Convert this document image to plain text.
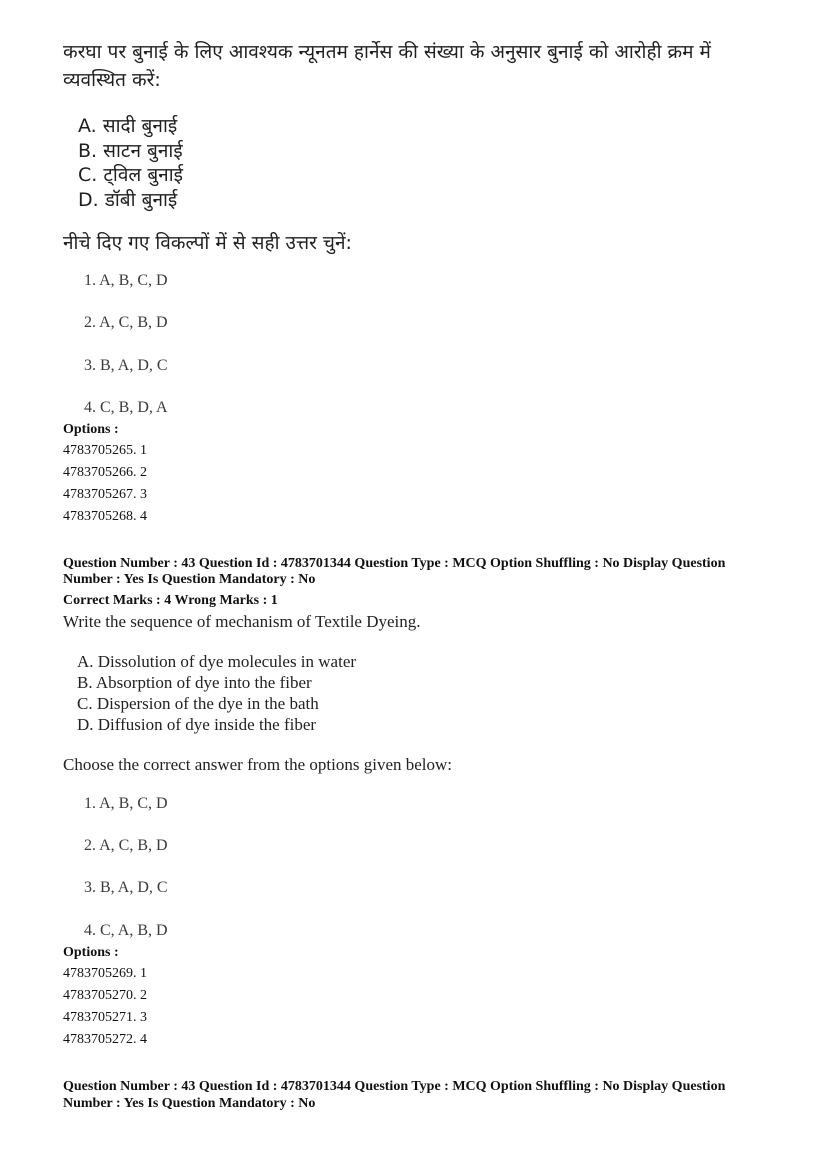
करघा पर बुनाई के लिए आवश्यक न्यूनतम हार्नेस की संख्या के अनुसार बुनाई को आरोही क्रम में
व्यवस्थित करें:
A. सादी बुनाई
B. साटन बुनाई
C. ट्विल बुनाई
D. डॉबी बुनाई
नीचे दिए गए विकल्पों में से सही उत्तर चुनें:
1. A, B, C, D
2. A, C, B, D
3. B, A, D, C
4. C, B, D, A
Options :
4783705265. 1
4783705266. 2
4783705267. 3
4783705268. 4
Question Number : 43 Question Id : 4783701344 Question Type : MCQ Option Shuffling : No Display Question
Number : Yes Is Question Mandatory : No
Correct Marks : 4 Wrong Marks : 1
Write the sequence of mechanism of Textile Dyeing.
A. Dissolution of dye molecules in water
B. Absorption of dye into the fiber
C. Dispersion of the dye in the bath
D. Diffusion of dye inside the fiber
Choose the correct answer from the options given below:
1. A, B, C, D
2. A, C, B, D
3. B, A, D, C
4. C, A, B, D
Options :
4783705269. 1
4783705270. 2
4783705271. 3
4783705272. 4
Question Number : 43 Question Id : 4783701344 Question Type : MCQ Option Shuffling : No Display Question
Number : Yes Is Question Mandatory : No
